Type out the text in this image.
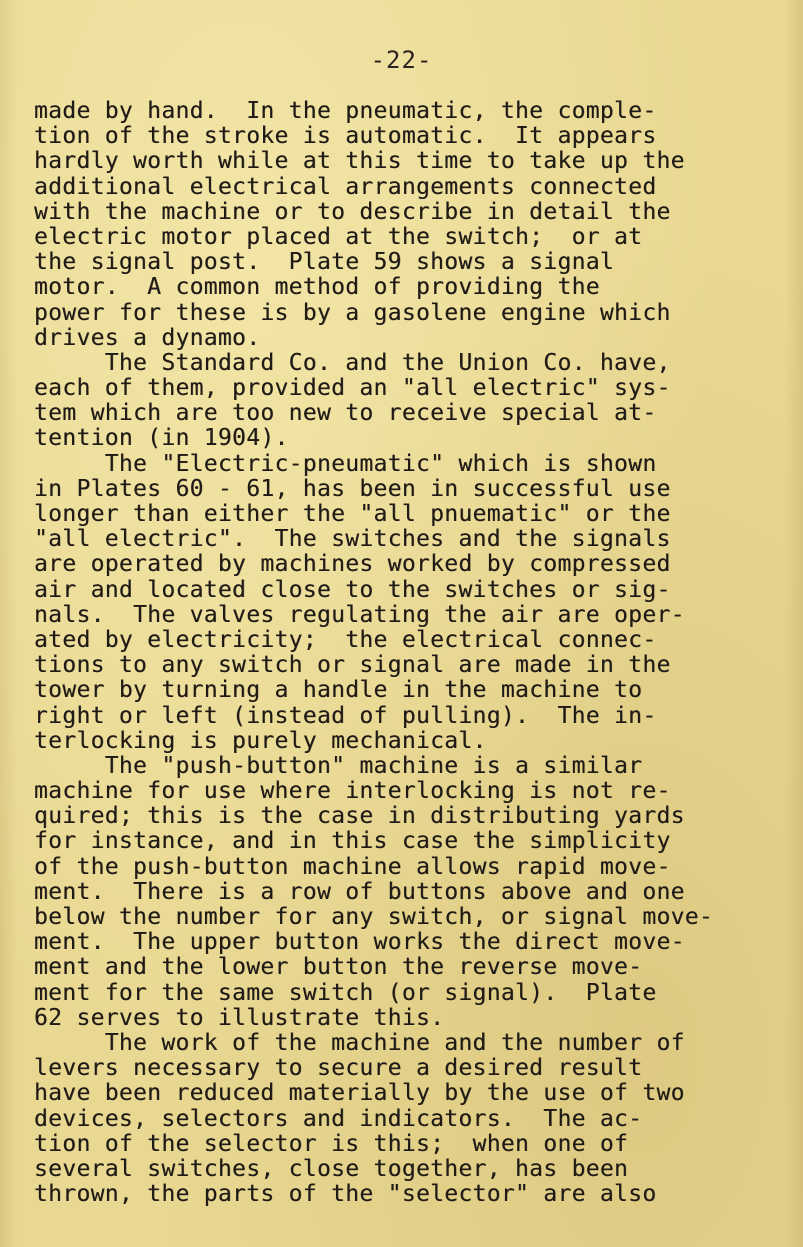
-22-
made by hand.  In the pneumatic, the comple-
tion of the stroke is automatic.  It appears
hardly worth while at this time to take up the
additional electrical arrangements connected
with the machine or to describe in detail the
electric motor placed at the switch;  or at
the signal post.  Plate 59 shows a signal
motor.  A common method of providing the
power for these is by a gasolene engine which
drives a dynamo.
The Standard Co. and the Union Co. have,
each of them, provided an "all electric" sys-
tem which are too new to receive special at-
tention (in 1904).
The "Electric-pneumatic" which is shown
in Plates 60 - 61, has been in successful use
longer than either the "all pnuematic" or the
"all electric".  The switches and the signals
are operated by machines worked by compressed
air and located close to the switches or sig-
nals.  The valves regulating the air are oper-
ated by electricity;  the electrical connec-
tions to any switch or signal are made in the
tower by turning a handle in the machine to
right or left (instead of pulling).  The in-
terlocking is purely mechanical.
The "push-button" machine is a similar
machine for use where interlocking is not re-
quired; this is the case in distributing yards
for instance, and in this case the simplicity
of the push-button machine allows rapid move-
ment.  There is a row of buttons above and one
below the number for any switch, or signal move-
ment.  The upper button works the direct move-
ment and the lower button the reverse move-
ment for the same switch (or signal).  Plate
62 serves to illustrate this.
The work of the machine and the number of
levers necessary to secure a desired result
have been reduced materially by the use of two
devices, selectors and indicators.  The ac-
tion of the selector is this;  when one of
several switches, close together, has been
thrown, the parts of the "selector" are also
